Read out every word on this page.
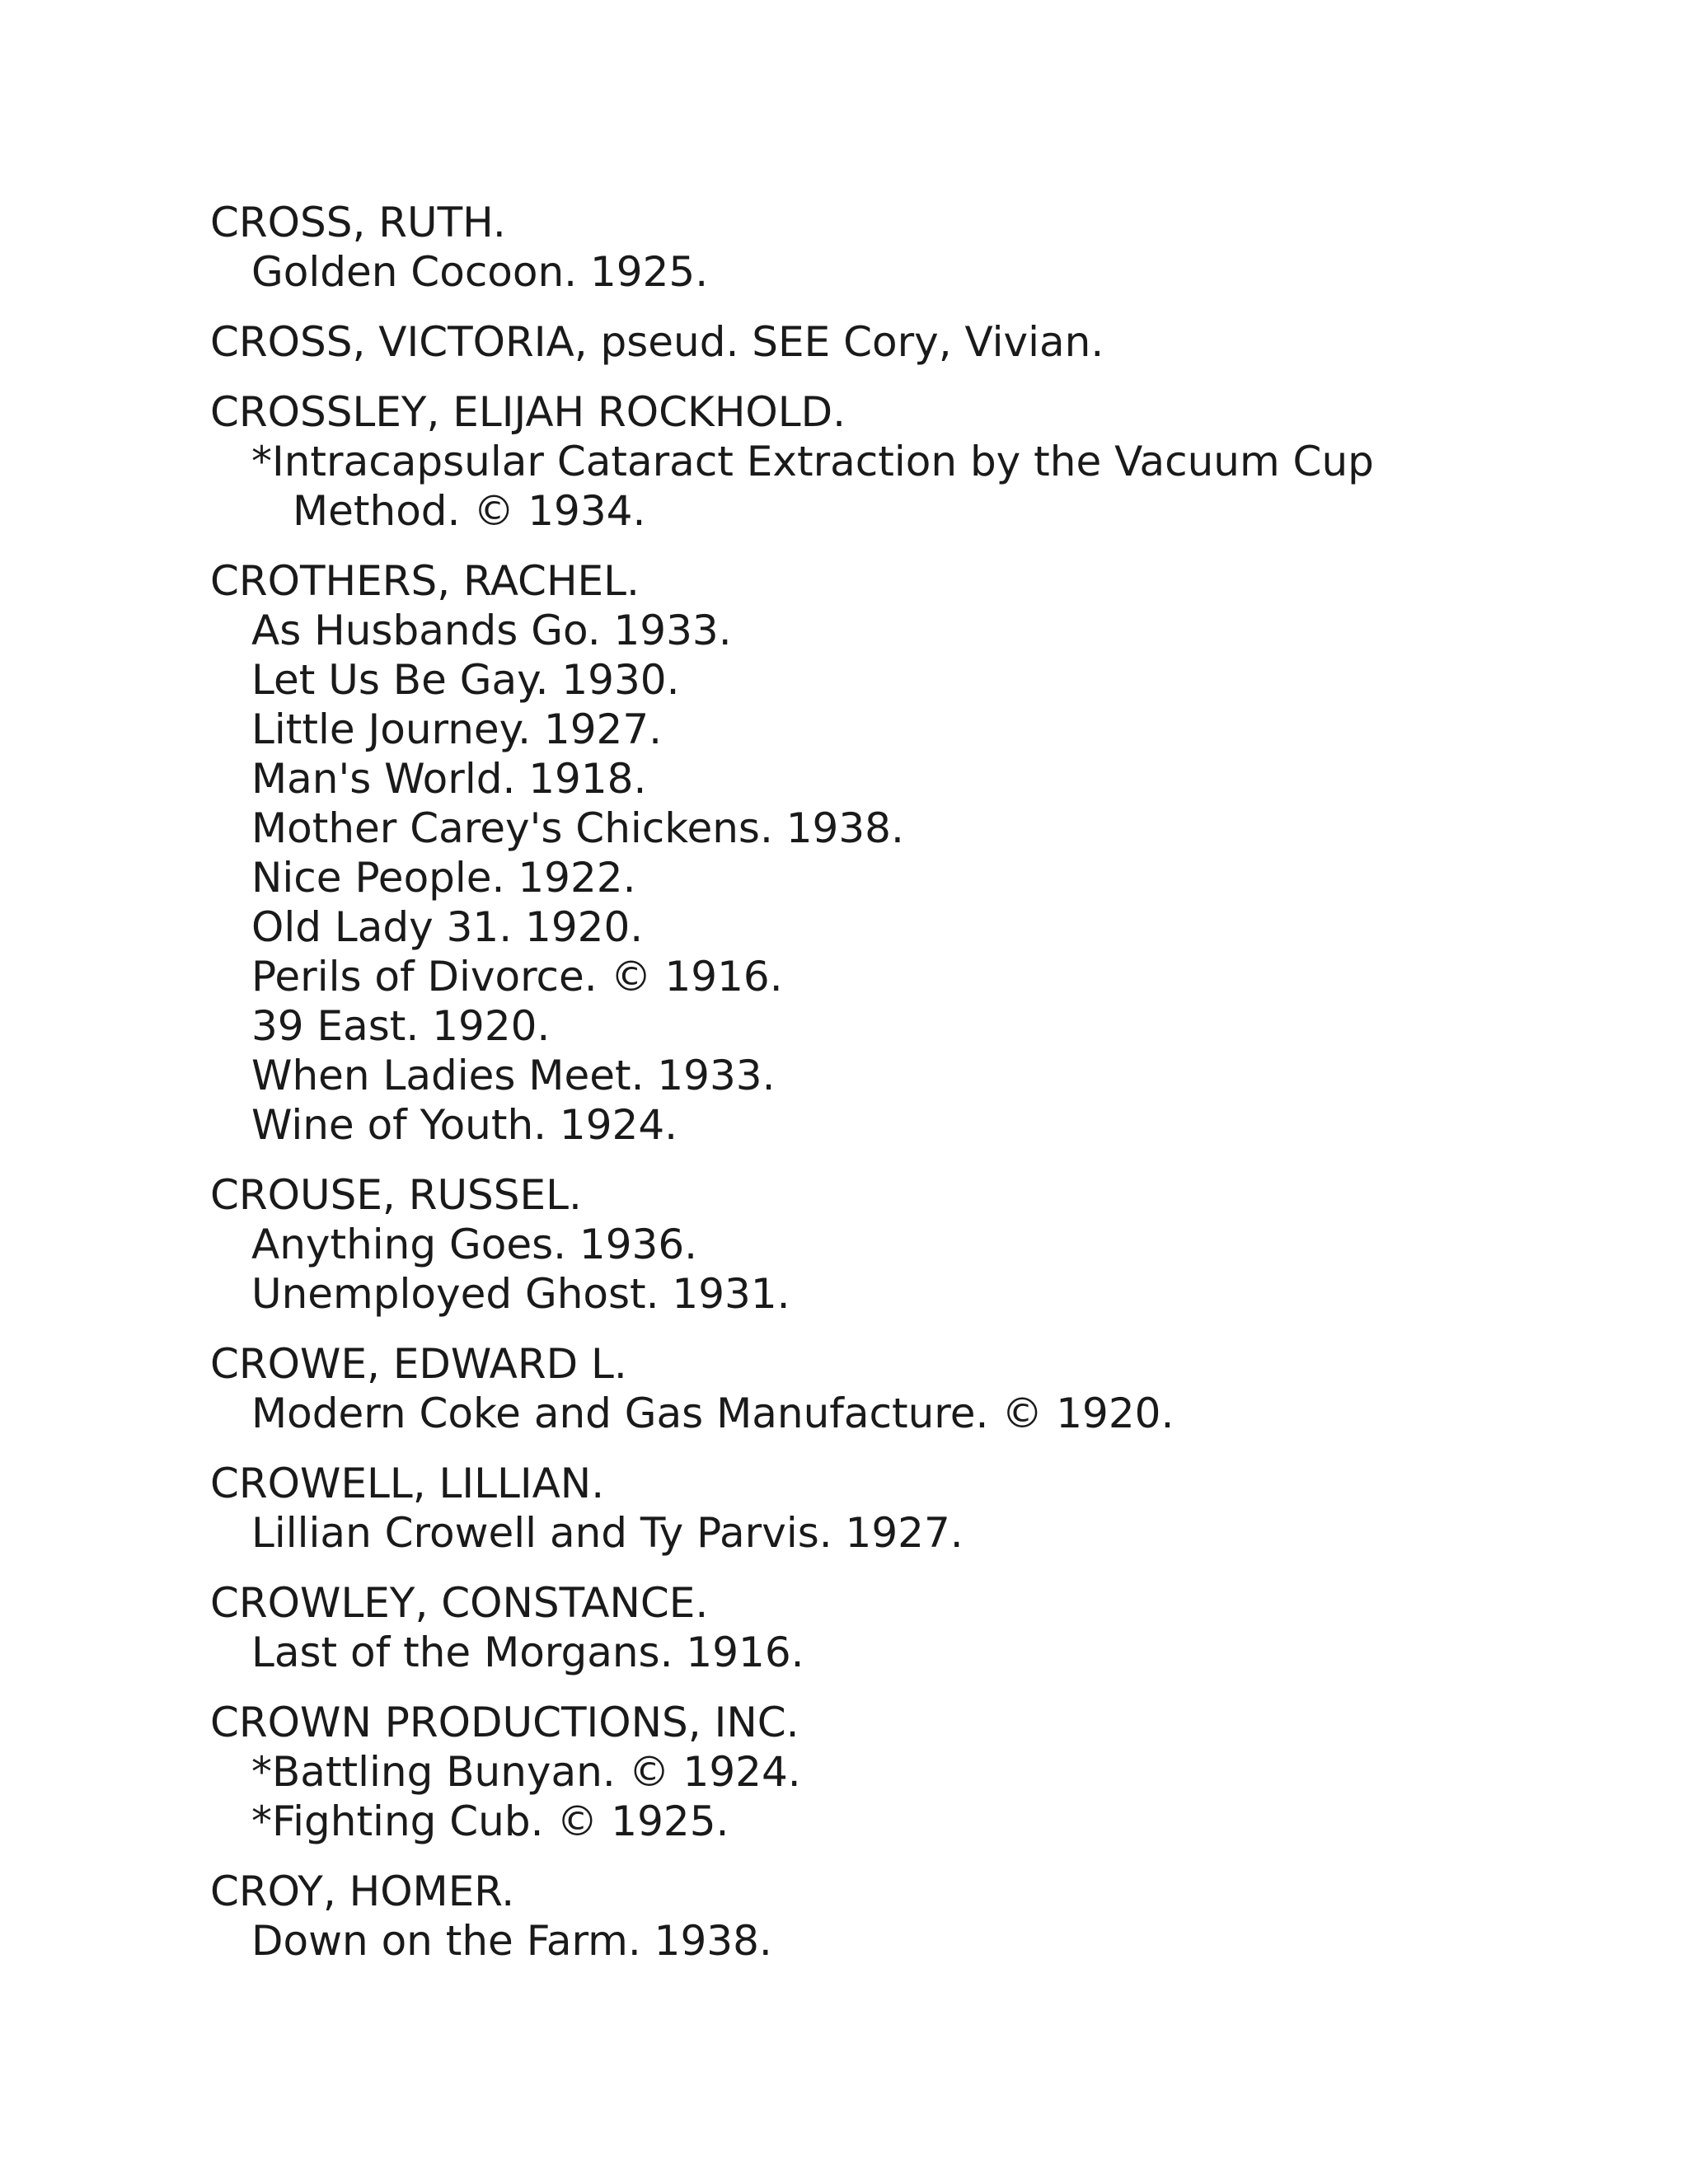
CROSS, RUTH.
Golden Cocoon. 1925.
CROSS, VICTORIA, pseud. SEE Cory, Vivian.
CROSSLEY, ELIJAH ROCKHOLD.
*Intracapsular Cataract Extraction by the Vacuum Cup Method. © 1934.
CROTHERS, RACHEL.
As Husbands Go. 1933.
Let Us Be Gay. 1930.
Little Journey. 1927.
Man's World. 1918.
Mother Carey's Chickens. 1938.
Nice People. 1922.
Old Lady 31. 1920.
Perils of Divorce. © 1916.
39 East. 1920.
When Ladies Meet. 1933.
Wine of Youth. 1924.
CROUSE, RUSSEL.
Anything Goes. 1936.
Unemployed Ghost. 1931.
CROWE, EDWARD L.
Modern Coke and Gas Manufacture. © 1920.
CROWELL, LILLIAN.
Lillian Crowell and Ty Parvis. 1927.
CROWLEY, CONSTANCE.
Last of the Morgans. 1916.
CROWN PRODUCTIONS, INC.
*Battling Bunyan. © 1924.
*Fighting Cub. © 1925.
CROY, HOMER.
Down on the Farm. 1938.
